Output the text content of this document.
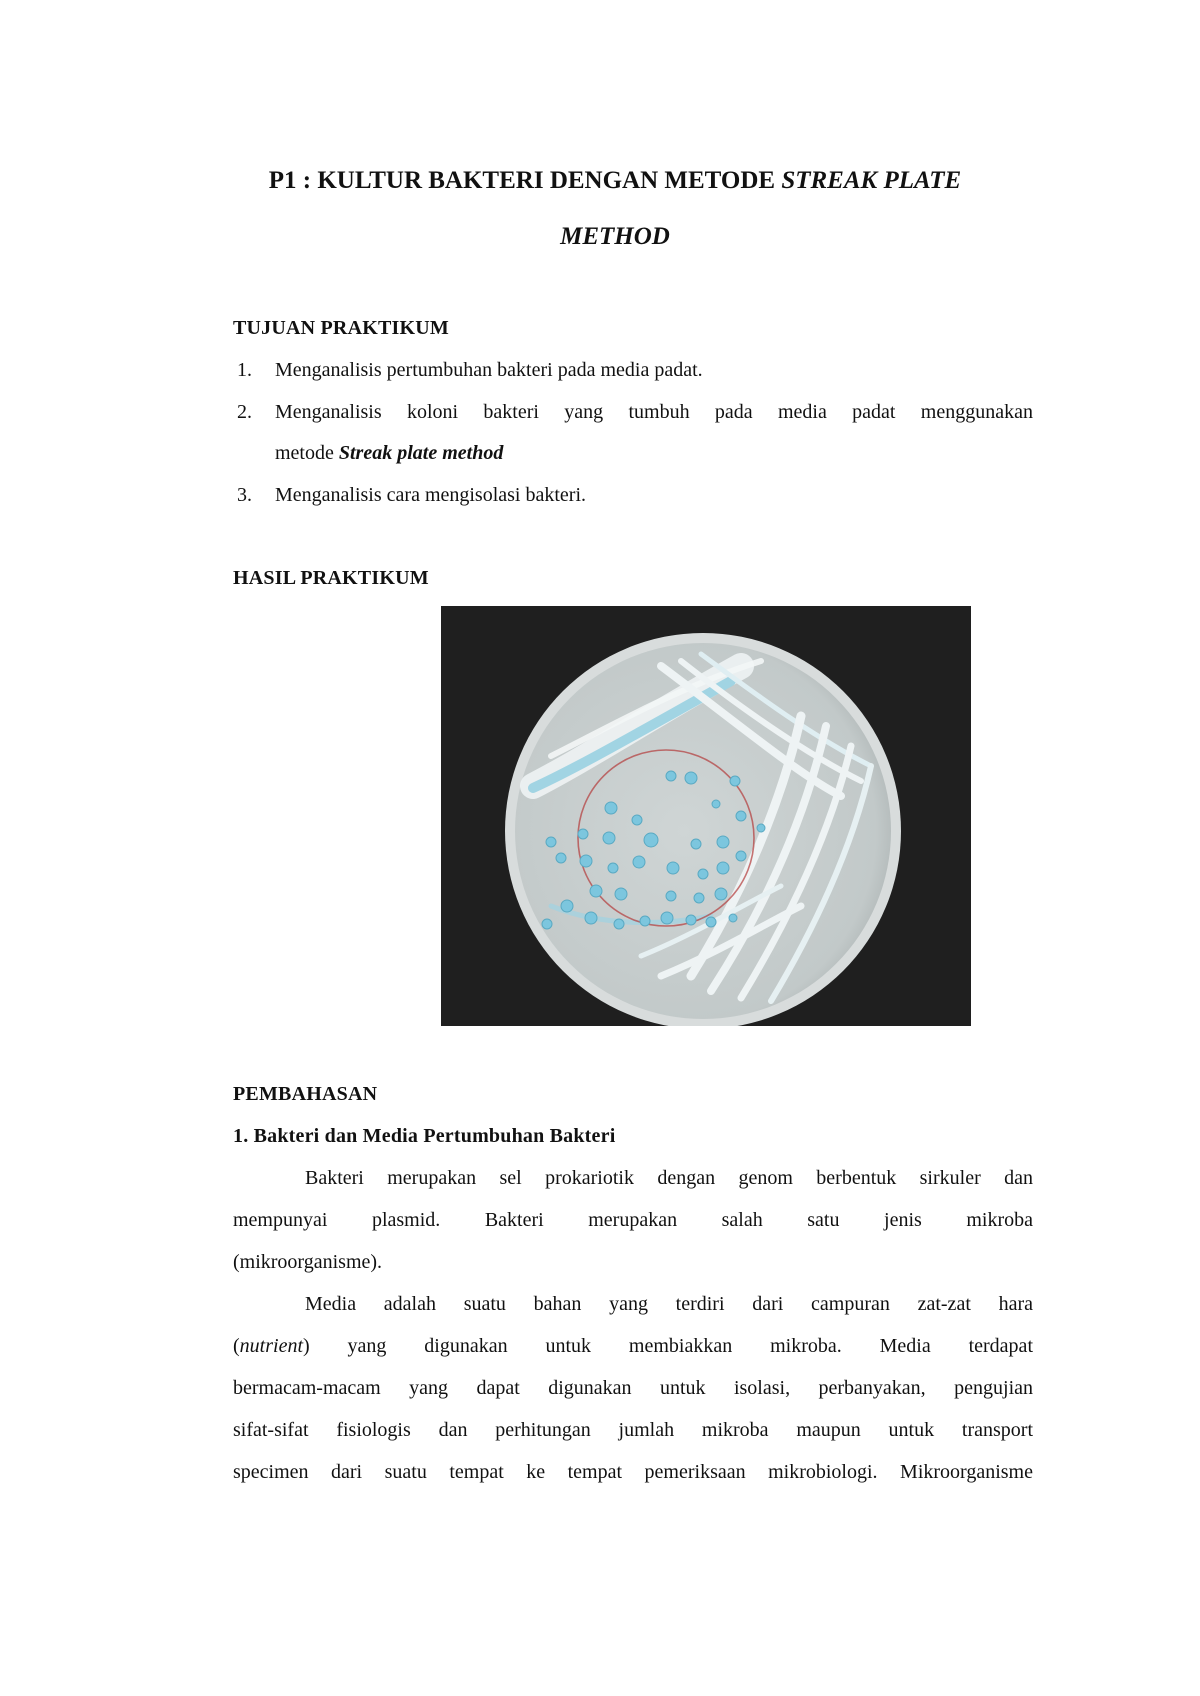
P1 : KULTUR BAKTERI DENGAN METODE STREAK PLATE
METHOD
TUJUAN PRAKTIKUM
1. Menganalisis pertumbuhan bakteri pada media padat.
2. Menganalisis koloni bakteri yang tumbuh pada media padat menggunakan
metode Streak plate method
3. Menganalisis cara mengisolasi bakteri.
HASIL PRAKTIKUM
PEMBAHASAN
1. Bakteri dan Media Pertumbuhan Bakteri
Bakteri merupakan sel prokariotik dengan genom berbentuk sirkuler dan
mempunyai plasmid. Bakteri merupakan salah satu jenis mikroba
(mikroorganisme).
Media adalah suatu bahan yang terdiri dari campuran zat-zat hara
(nutrient) yang digunakan untuk membiakkan mikroba. Media terdapat
bermacam-macam yang dapat digunakan untuk isolasi, perbanyakan, pengujian
sifat-sifat fisiologis dan perhitungan jumlah mikroba maupun untuk transport
specimen dari suatu tempat ke tempat pemeriksaan mikrobiologi. Mikroorganisme
